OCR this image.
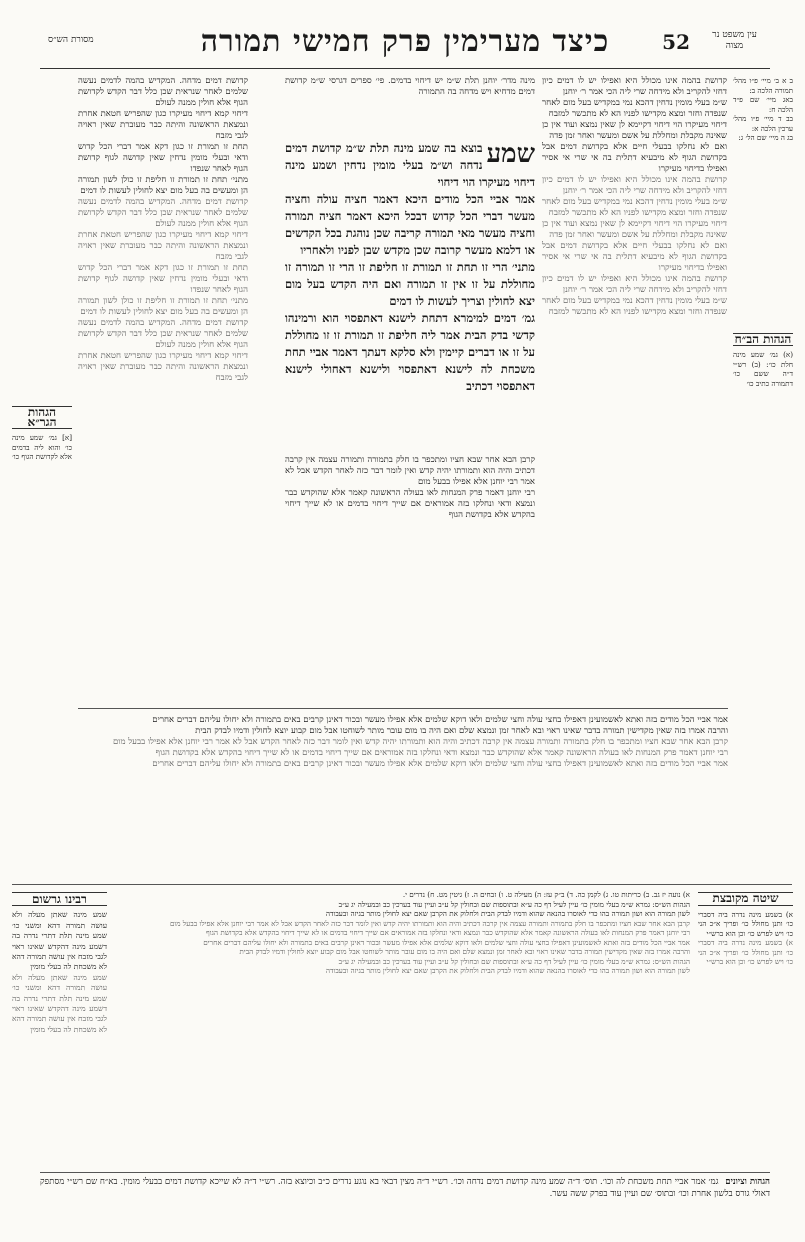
עין משפט נר מצוה
52
כיצד מערימין פרק חמישי תמורה
מסורת הש״ס
ב א ב׳ מיי׳ פ״ו מהל׳ תמורה הלכה ב:
באג מיי׳ שם פ״ד הלכה ח:
בב ד מיי׳ פ״ו מהל׳ ערכין הלכה א:
בג ה מיי׳ שם הל׳ ג:
הגהות הב״ח
(א) גמ׳ שמע מינה חלת כו׳: (ב) רש״י ד״ה ששם כו׳ דתמורה כתיב כו׳
הגהות הגר״א
[א] גמ׳ שמע מינה כו׳ והוא ליה בדמים אלא לקדושת הגוף כו׳
קדושת בהמה אינו מכולל היא ואפילו יש לו דמים כיון דחזי להקריב ולא מידחה שרי ליה הכי אמר ר׳ יוחנן
ש״מ בעלי מומין נדחין דהכא נמי במקדיש בעל מום לאחר שנפדה וחזר ומצא מקדישו לפניו הא לא מתכשר למזבח
דיחוי מעיקרו הוי דיחוי דקיימא לן שאין נמצא ועוד אין כן שאינה מקבלת ומחללת על אשם ומעשר ואחר זמן פדה
ואם לא נחלקו בבעלי חיים אלא בקדושת דמים אבל בקדושת הגוף לא מיבעיא דתלית בה אי שרי אי אסיר ואפילו בדיחוי מעיקרו
קדושת בהמה אינו מכולל היא ואפילו יש לו דמים כיון דחזי להקריב ולא מידחה שרי ליה הכי אמר ר׳ יוחנן
ש״מ בעלי מומין נדחין דהכא נמי במקדיש בעל מום לאחר שנפדה וחזר ומצא מקדישו לפניו הא לא מתכשר למזבח
דיחוי מעיקרו הוי דיחוי דקיימא לן שאין נמצא ועוד אין כן שאינה מקבלת ומחללת על אשם ומעשר ואחר זמן פדה
ואם לא נחלקו בבעלי חיים אלא בקדושת דמים אבל בקדושת הגוף לא מיבעיא דתלית בה אי שרי אי אסיר ואפילו בדיחוי מעיקרו
קדושת בהמה אינו מכולל היא ואפילו יש לו דמים כיון דחזי להקריב ולא מידחה שרי ליה הכי אמר ר׳ יוחנן
ש״מ בעלי מומין נדחין דהכא נמי במקדיש בעל מום לאחר שנפדה וחזר ומצא מקדישו לפניו הא לא מתכשר למזבח
שמע
בוצא בה שמע מינה תלת ש״מ קדושת דמים נדחה וש״מ בעלי מומין נדחין ושמע מינה דיחוי מעיקרו הוי דיחוי
אמר אביי הכל מודים היכא דאמר חציה עולה וחציה מעשר דברי הכל קדוש דבכל היכא דאמר חציה תמורה וחציה מעשר מאי תמורה קריבה שכן נוהגת בכל הקדשים או דלמא מעשר קרובה שכן מקדש שבן לפניו ולאחריו
מתני׳ הרי זו תחת זו תמורת זו חליפת זו הרי זו תמורה זו מחוללת על זו אין זו תמורה ואם היה הקדש בעל מום יצא לחולין וצריך לעשות לו דמים
גמ׳ דמים למימרא דתחת לישנא דאתפסוי הוא ורמינהו קדשי בדק הבית אמר ליה חליפת זו תמורת זו זו מחוללת על זו או דברים קיימין ולא סלקא דעתך דאמר אביי תחת משכחת לה לישנא דאתפסוי ולישנא דאחולי לישנא דאתפסוי דכתיב
מינה מדר׳ יוחנן תלת ש״מ יש דיחוי בדמים. פי׳ ספרים דגרסי ש״מ קדושת דמים מדחיא ויש מדחה בה התמורה
קדושת דמים מדחה. המקדיש בהמה לדמים נעשה שלמים לאחר שנראית שכן כלל דבר הקדש לקדושת הגוף אלא חולין ממנה לעולם
דיחוי קמא דיחוי מעיקרו כגון שהפריש חטאת אחרת ונמצאת הראשונה והיתה כבר מעוברת שאין ראויה לגבי מזבח
תחת זו תמורת זו כגון דקא אמר דברי הכל קדוש ודאי ובעלי מומין נדחין שאין קדושה לגוף קדושת הגוף לאחר שנפדו
מתני׳ תחת זו תמורת זו חליפת זו כולן לשון תמורה הן ומעשים בה בעל מום יצא לחולין לעשות לו דמים
קדושת דמים מדחה. המקדיש בהמה לדמים נעשה שלמים לאחר שנראית שכן כלל דבר הקדש לקדושת הגוף אלא חולין ממנה לעולם
דיחוי קמא דיחוי מעיקרו כגון שהפריש חטאת אחרת ונמצאת הראשונה והיתה כבר מעוברת שאין ראויה לגבי מזבח
תחת זו תמורת זו כגון דקא אמר דברי הכל קדוש ודאי ובעלי מומין נדחין שאין קדושה לגוף קדושת הגוף לאחר שנפדו
מתני׳ תחת זו תמורת זו חליפת זו כולן לשון תמורה הן ומעשים בה בעל מום יצא לחולין לעשות לו דמים
קדושת דמים מדחה. המקדיש בהמה לדמים נעשה שלמים לאחר שנראית שכן כלל דבר הקדש לקדושת הגוף אלא חולין ממנה לעולם
דיחוי קמא דיחוי מעיקרו כגון שהפריש חטאת אחרת ונמצאת הראשונה והיתה כבר מעוברת שאין ראויה לגבי מזבח
קרבן הבא אחר שבא חציו ומתכפר בו חלק בתמורה ותמורה עצמה אין קרבה דכתיב והיה הוא ותמורתו יהיה קדש ואין לומר דבר כזה לאחר הקדש אבל לא אמר רבי יוחנן אלא אפילו בבעל מום
רבי יוחנן דאמר פרק המנחות לאו בעולה הראשונה קאמר אלא שהוקדש כבר ונמצא ודאי ונחלקו בזה אמוראים אם שייך דיחוי בדמים או לא שייך דיחוי בהקדש אלא בקדושת הגוף
אמר אביי הכל מודים בזה ואתא לאשמועינן דאפילו בחצי עולה וחצי שלמים ולאו דוקא שלמים אלא אפילו מעשר ובכור דאינן קרבים באים בתמורה ולא יחולו עליהם דברים אחרים
והרבה אמרו בזה שאין מקדישין תמורה בדבר שאינו ראוי ובא לאחר זמן ונמצא שלם ואם היה בו מום עובר מותר לשוחטו אבל מום קבוע יוצא לחולין ודמיו לבדק הבית
קרבן הבא אחר שבא חציו ומתכפר בו חלק בתמורה ותמורה עצמה אין קרבה דכתיב והיה הוא ותמורתו יהיה קדש ואין לומר דבר כזה לאחר הקדש אבל לא אמר רבי יוחנן אלא אפילו בבעל מום
רבי יוחנן דאמר פרק המנחות לאו בעולה הראשונה קאמר אלא שהוקדש כבר ונמצא ודאי ונחלקו בזה אמוראים אם שייך דיחוי בדמים או לא שייך דיחוי בהקדש אלא בקדושת הגוף
אמר אביי הכל מודים בזה ואתא לאשמועינן דאפילו בחצי עולה וחצי שלמים ולאו דוקא שלמים אלא אפילו מעשר ובכור דאינן קרבים באים בתמורה ולא יחולו עליהם דברים אחרים
רבינו גרשום
שמע מינה שאתן מעלה ולא עושה תמורה דהא ומשני כו׳ שמע מינה תלת דתרי נדרה בה דשמע מינה דהקדש שאינו ראוי לגבי מזבח אין עושה תמורה דהא לא משכחת לה בעלי מומין
שמע מינה שאתן מעלה ולא עושה תמורה דהא ומשני כו׳ שמע מינה תלת דתרי נדרה בה דשמע מינה דהקדש שאינו ראוי לגבי מזבח אין עושה תמורה דהא לא משכחת לה בעלי מומין
שיטה מקובצת
א) בשמע מינה נדרה ביה דסברי כו׳ ותנן מחולל כו׳ ופריך א״כ הני כו׳ ויש לפרש כו׳ וכן הוא ברש״י
א) בשמע מינה נדרה ביה דסברי כו׳ ותנן מחולל כו׳ ופריך א״כ הני כו׳ ויש לפרש כו׳ וכן הוא ברש״י
א) נועה יז גב. ב) כריתות טו. ג) לקמן כה. ד) ב״ק עז: ה) מעילה ט. ו) זבחים ה. ז) גיטין מט. ח) נדרים י.
הגהות הש״ס: גמרא ש״מ בעלי מומין כו׳ עיין לעיל דף כה ע״א ובתוספות שם ובחולין קל ע״ב ועיין עוד בערכין כב ובמעילה יג ע״ב
לשון תמורה הוא ושון תמורה בהו כדי לאוסרו בהנאה שהוא ודמיו לבדק הבית ולחלוק את הקרבן שאם יצא לחולין מותר בגיזה ובעבודה
קרבן הבא אחר שבא חציו ומתכפר בו חלק בתמורה ותמורה עצמה אין קרבה דכתיב והיה הוא ותמורתו יהיה קדש ואין לומר דבר כזה לאחר הקדש אבל לא אמר רבי יוחנן אלא אפילו בבעל מום
רבי יוחנן דאמר פרק המנחות לאו בעולה הראשונה קאמר אלא שהוקדש כבר ונמצא ודאי ונחלקו בזה אמוראים אם שייך דיחוי בדמים או לא שייך דיחוי בהקדש אלא בקדושת הגוף
אמר אביי הכל מודים בזה ואתא לאשמועינן דאפילו בחצי עולה וחצי שלמים ולאו דוקא שלמים אלא אפילו מעשר ובכור דאינן קרבים באים בתמורה ולא יחולו עליהם דברים אחרים
והרבה אמרו בזה שאין מקדישין תמורה בדבר שאינו ראוי ובא לאחר זמן ונמצא שלם ואם היה בו מום עובר מותר לשוחטו אבל מום קבוע יוצא לחולין ודמיו לבדק הבית
הגהות הש״ס: גמרא ש״מ בעלי מומין כו׳ עיין לעיל דף כה ע״א ובתוספות שם ובחולין קל ע״ב ועיין עוד בערכין כב ובמעילה יג ע״ב
לשון תמורה הוא ושון תמורה בהו כדי לאוסרו בהנאה שהוא ודמיו לבדק הבית ולחלוק את הקרבן שאם יצא לחולין מותר בגיזה ובעבודה
הגהות וציונים גמ׳ אמר אביי תחת משכחת לה וכו׳. תוס׳ ד״ה שמע מינה קדושת דמים נדחה וכו׳. רש״י ד״ה מצין דבאי בא נוגע נדרים כ״ב וכיוצא בזה. רש״י ד״ה לא שייכא קדושת דמים בבעלי מומין. בא״ח שם רש״י מסתפק דאולי גורס בלשון אחרת וכו׳ ובתוס׳ שם ועיין עוד בפרק ששה עשר.
